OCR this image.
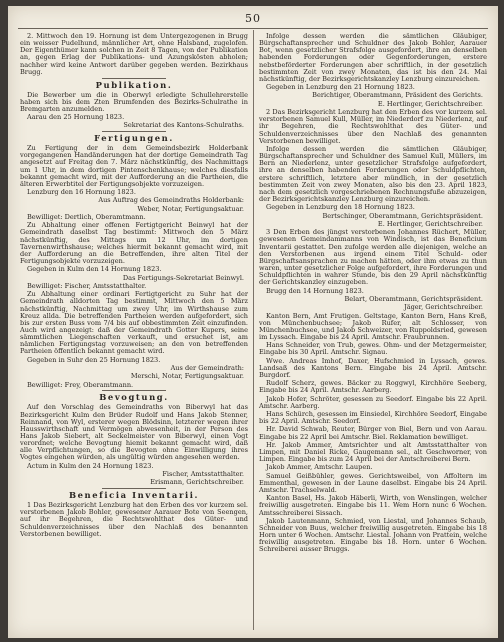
50

2. Mittwoch den 19. Hornung ist dem Untergezogenen in Brugg ein weisser Pudelhund, männlicher Art, ohne Halsband, zugelofen. Der Eigenthümer kann solchen in Zeit 8 Tagen, von der Publikation an, gegen Erlag der Publikations- und Azungskösten abholen; nachher wird keine Antwort darüber gegeben werden. Bezirkhaus Brugg.

Publikation.

Die Bewerber um die in Oberwyl erledigte Schullehrerstelle haben sich bis dem Zten Brumfenden des Bezirks-Schulrathe in Bremgarten anzumelden.

Aarau den 25 Hornung 1823.

Sekretariat des Kantons-Schulraths.

Fertigungen.

Zu Fertigung der in dem Gemeindsbezirk Holderbank vorgegangenen Handänderungen hat der dortige Gemeindrath Tag angesetzt auf Freitag den 7. März nächstkünftig, des Nachmittags um 1 Uhr, in dem dortigen Pintenschenkhause; welches diesfalls bekannt gemacht wird, mit der Aufforderung an die Partheien, die älteren Erwerbtitel der Fertigungsobjekte vorzuzeigen.

Lenzburg den 16 Hornung 1823.

Aus Auftrag des Gemeindraths Holderbank:

Weber, Notar, Fertigungsaktuar.

Bewilliget: Dertlich, Oberamtmann.

Zu Abhaltung einer offenen Fertigtgericht Beinwyl hat der Gemeindrath daselbst Tag bestimmt: Mittwoch den 5 März nächstkünftig, des Mittags um 12 Uhr, im dortigen Tavernenwirthshause; welches hiermit bekannt gemacht wird, mit der Aufforderung an die Betreffenden, ihre alten Titel der Fertigungsobjekte vorzuzeigen.

Gegeben in Kulm den 14 Hornung 1823.

Das Fertigungs-Sekretariat Beinwyl.

Bewilliget: Fischer, Amtsstatthalter.

Zu Abhaltung einer ordinari Fertigtgericht zu Suhr hat der Gemeindrath alldorten Tag bestimmt, Mittwoch den 5 März nächstkünftig, Nachmittag um zwey Uhr, im Wirthshause zum Kreuz allda. Die betreffenden Partheien werden aufgefordert, sich bis zur ersten Buss vom 7/4 bis auf obbestimmten Zeit einzufinden. Auch wird angezeigt: daß der Gemeindrath Gotter Kupers, seine sämmtlichen Liegenschaften verkauft, und ersuchet ist, am nämlichen Fertigungstag vorzuweisen; an den von betreffenden Partheien öffentlich bekannt gemacht wird.

Gegeben in Suhr den 25 Hornung 1823.

Aus der Gemeindrath:

Merschi, Notar, Fertigungsaktuar.

Bewilliget: Frey, Oberamtmann.

Bevogtung.

Auf den Vorschlag des Gemeindraths von Biberwyl hat das Bezirksgericht Kulm den Brüder Rudolf und Hans Jakob Stenner, Reinnand, von Wyl, ersterer wegen Blödsinn, letzterer wegen ihrer Hausswirthschaft und Vermögen abwesenheit, in der Person des Hans Jakob Siebert, alt Seckelmeister von Biberwyl, einen Vogt verordnet; welche Bevogtung hiemit bekannt gemacht wird, daß alle Verpflichtungen, so die Bevogten ohne Einwilligung ihres Vogtes eingehen würden, als ungültig würden angesehen werden.

Actum in Kulm den 24 Hornung 1823.

Fischer, Amtsstatthalter.

Erismann, Gerichtschreiber.

Beneficia Inventarii.

1 Das Bezirksgericht Lenzburg hat den Erben des vor kurzem sel. verstorbenen Jakob Bohler, gewesener Aarauer Bote von Seengen, auf ihr Begehren, die Rechtswohlthat des Güter- und Schuldenverzeichnisses über den Nachlaß des benannten Verstorbenen bewilliget.

Infolge dessen werden die sämtlichen Gläubiger, Bürgschaftansprecher und Schuldner des Jakob Bohler, Aarauer Bot, wenn gesetzlicher Strafsfolge ausgefordert, ihre an denselben habenden Forderungen oder Gegenforderungen, erstere nebstbeförderter Forderungen aber schriftlich, in der gesetzlich bestimmten Zeit von zwey Monaten, das ist bis den 24. Mai nächstkünftig, der Bezirksgerichtskanzley Lenzburg einzureichen.

Gegeben in Lenzburg den 21 Hornung 1823.

Berichtiger, Oberamtmann, Präsident des Gerichts.

E. Hertlinger, Gerichtschreiber.

2 Das Bezirksgericht Lenzburg hat den Erben des vor kurzem sel. verstorbenen Samuel Kull, Müller, im Niederdorf zu Niederlenz, auf ihr Begehren, die Rechtswohlthat des Güter- und Schuldenverzeichnisses über den Nachlaß des genannten Verstorbenen bewilliget.

Infolge dessen werden die sämtlichen Gläubiger, Bürgschaftansprecher und Schuldner des Samuel Kull, Müllers, im Bern an Niederlenz, unter gesetzlicher Strafsfolge aufgefordert, ihre an denselben habenden Forderungen oder Schuldpflichten, erstere schriftlich, letztere aber mündlich, in der gesetzlich bestimmten Zeit von zwey Monaten, also bis den 23. April 1823, nach dem gesetzlich vorgeschriebenen Rechnungsfuße abzuzeigen, der Bezirksgerichtskanzley Lenzburg einzureichen.

Gegeben in Lenzburg den 18 Hornung 1823.

Bertschinger, Oberamtmann, Gerichtspräsident.

E. Hertlinger, Gerichtschreiber.

3 Den Erben des jüngst verstorbenen Johannes Rüchert, Müller, gewesenen Gemeindammanns von Windisch, ist das Beneficium Inventarii gestattet. Den zufolge werden alle diejenigen, welche an den Verstorbenen aus irgend einem Titel Schuld- oder Bürgschaftsansprachen zu machen hätten, oder ihm etwas zu thun waren, unter gesetzlicher Folge aufgefordert, ihre Forderungen und Schuldpflichten in wahrer Stunde, bis den 29 April nächstkünftig der Gerichtskanzley einzugeben.

Brugg den 14 Hornung 1823.

Belart, Oberamtmann, Gerichtspräsident.

Jäger, Gerichtschreiber.

Kanton Bern, Amt Frutigen. Geltstage, Kanton Bern, Hans Kreß, von Münchenbuchsee; Jakob Rufer, alt Schlosser, von Münchenbuchsee, und Jakob Schweizer, von Ruppoldsried, gewesen im Lyssach. Eingabe bis 24 April. Amtschr. Fraubrunnen.

Hans Schneider, von Trub, gewes. Ohm- und der Metzgermeister, Eingabe bis 30 April. Amtschr. Signau.

Wwe. Andreas Imhof, Daxer, Hufschmied in Lyssach, gewes. Landsaß des Kantons Bern. Eingabe bis 24 April. Amtschr. Burgdorf.

Rudolf Scherz, gewes. Bäcker zu Roggwyl, Kirchhöre Seeberg, Eingabe bis 24 April. Amtschr. Aarberg.

Jakob Hofer, Schröter, gesessen zu Seedorf. Eingabe bis 22 April. Amtschr. Aarberg.

Hans Schürch, gesessen im Einsiedel, Kirchhöre Seedorf, Eingabe bis 22 April. Amtschr. Seedorf.

Hr. David Schwab, Reuter, Bürger von Biel, Bern und von Aarau. Eingabe bis 22 April bei Amtschr. Biel. Reklamation bewilliget.

Hr. Jakob Ammer, Amtsrichter und alt Amtsstatthalter von Limpen, mit Daniel Ricke, Gaugemann sel., alt Geschworner, von Limpen. Eingabe bis zum 24 April bei der Amtschreiberei Bern.

Jakob Ammer, Amtschr. Laupen.

Samuel Geißbühler, gewes. Gerichtsweibel, von Affoltern im Emmenthal, gewesen in der Laune daselbst. Eingabe bis 24 April. Amtschr. Trachselwald.

Kanton Basel, Hs. Jakob Häberli, Wirth, von Wenslingen, welcher freiwillig ausgetreten. Eingabe bis 11. Wem Horn nunc 6 Wochen. Amtsschreiberei Sissach.

Jakob Lautenmann, Schmied, von Liestal, und Johannes Schaub, Schneider von Buus, welcher freiwillig ausgetreten. Eingabe bis 18 Horn unter 6 Wochen. Amtschr. Liestal. Johann von Prattein, welche freiwillig ausgetreten. Eingabe bis 18. Horn. unter 6 Wochen. Schreiberei ausser Bruggs.
